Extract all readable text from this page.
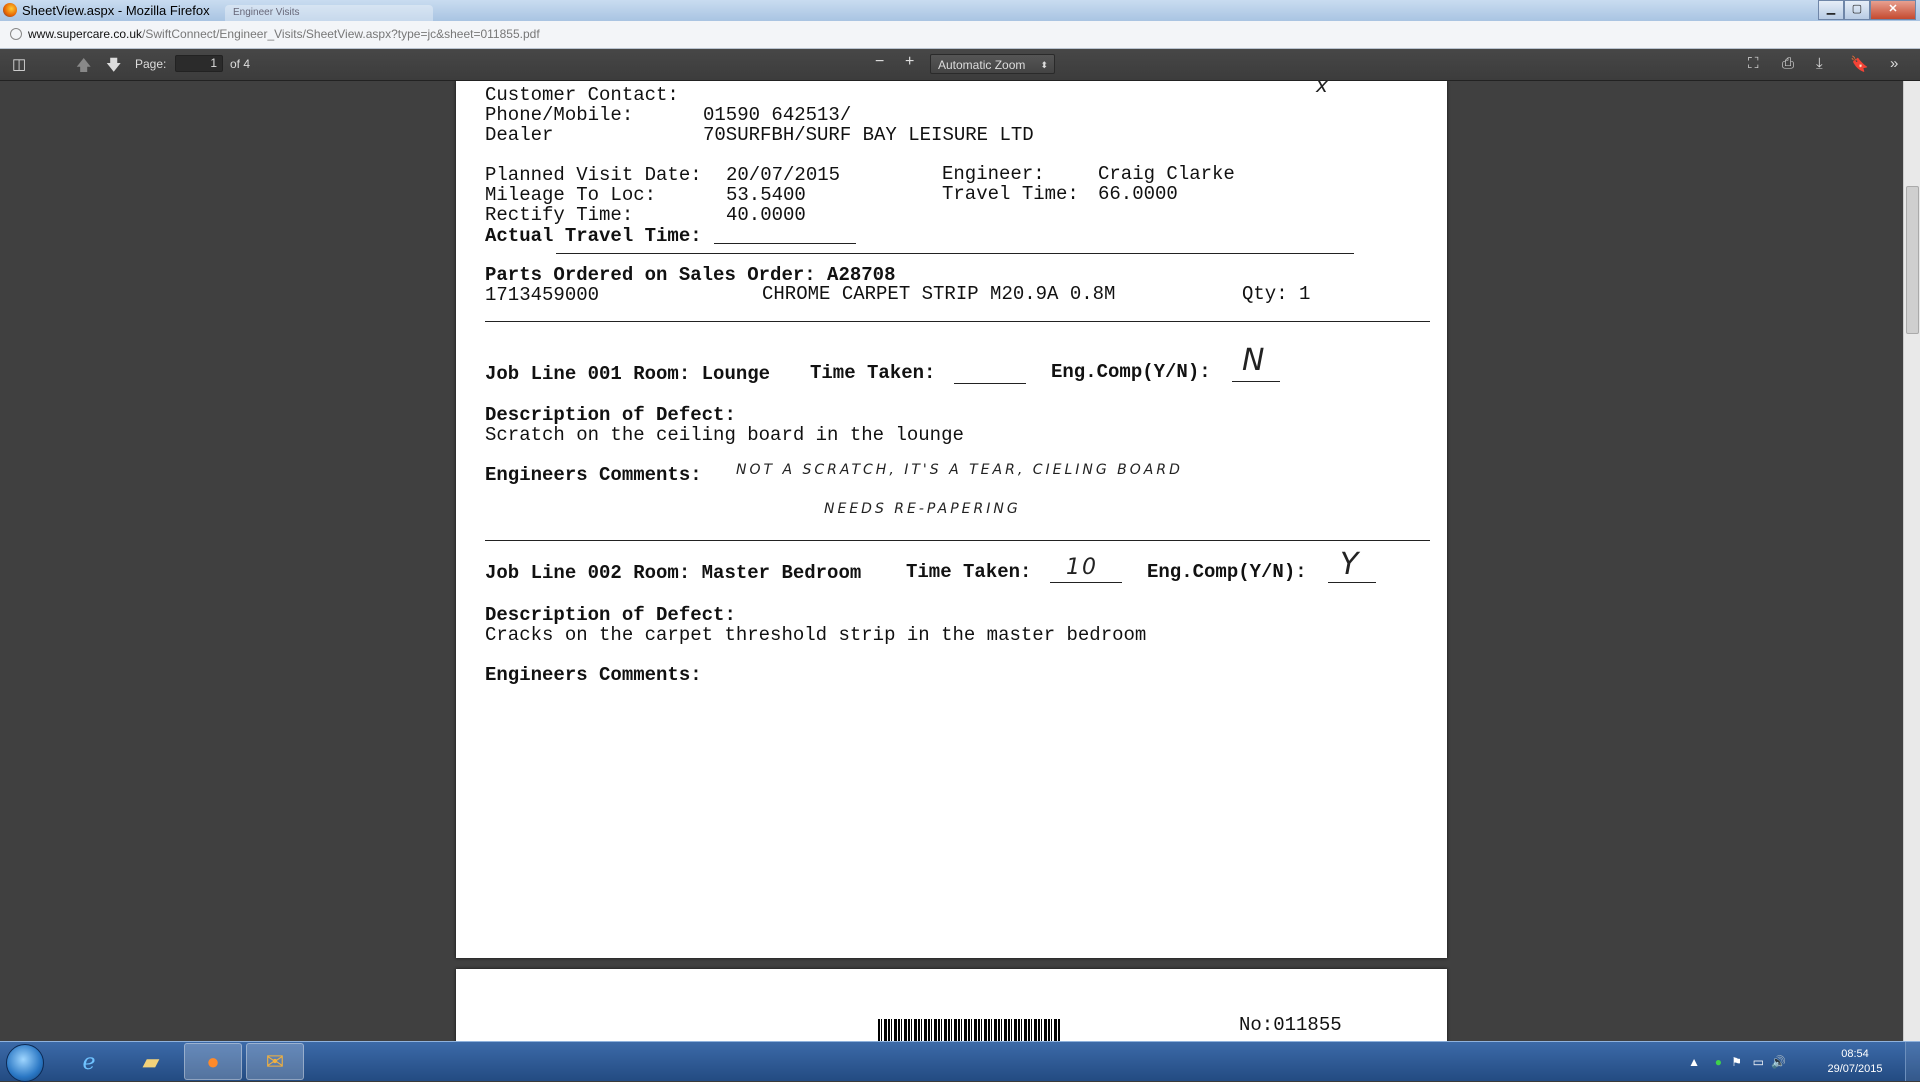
SheetView.aspx - Mozilla Firefox	Engineer Visits	▁	▢	✕
www.supercare.co.uk/SwiftConnect/Engineer_Visits/SheetView.aspx?type=jc&sheet=011855.pdf
◫	🡅 🡇 Page:	1	of 4	− +	Automatic Zoom ⬍	⛶ ⎙ ⤓ 🔖 »
x
Customer Contact:
Phone/Mobile:	01590 642513/
Dealer	70SURFBH/SURF BAY LEISURE LTD
Planned Visit Date: 20/07/2015	Engineer:	Craig Clarke
Mileage To Loc:	53.5400	Travel Time: 66.0000
Rectify Time:	40.0000
Actual Travel Time:
Parts Ordered on Sales Order: A28708
1713459000	CHROME CARPET STRIP M20.9A 0.8M	Qty: 1
Job Line 001 Room: Lounge Time Taken:	Eng.Comp(Y/N): N
Description of Defect:
Scratch on the ceiling board in the lounge
Engineers Comments: NOT A SCRATCH, IT'S A TEAR, CIELING BOARD
NEEDS RE-PAPERING
Job Line 002 Room: Master Bedroom Time Taken: 10	Eng.Comp(Y/N): Y
Description of Defect:
Cracks on the carpet threshold strip in the master bedroom
Engineers Comments:
No:011855
ℯ	▰	●	✉	▲ ● ⚑ ▭ 🔊
08:54
29/07/2015
